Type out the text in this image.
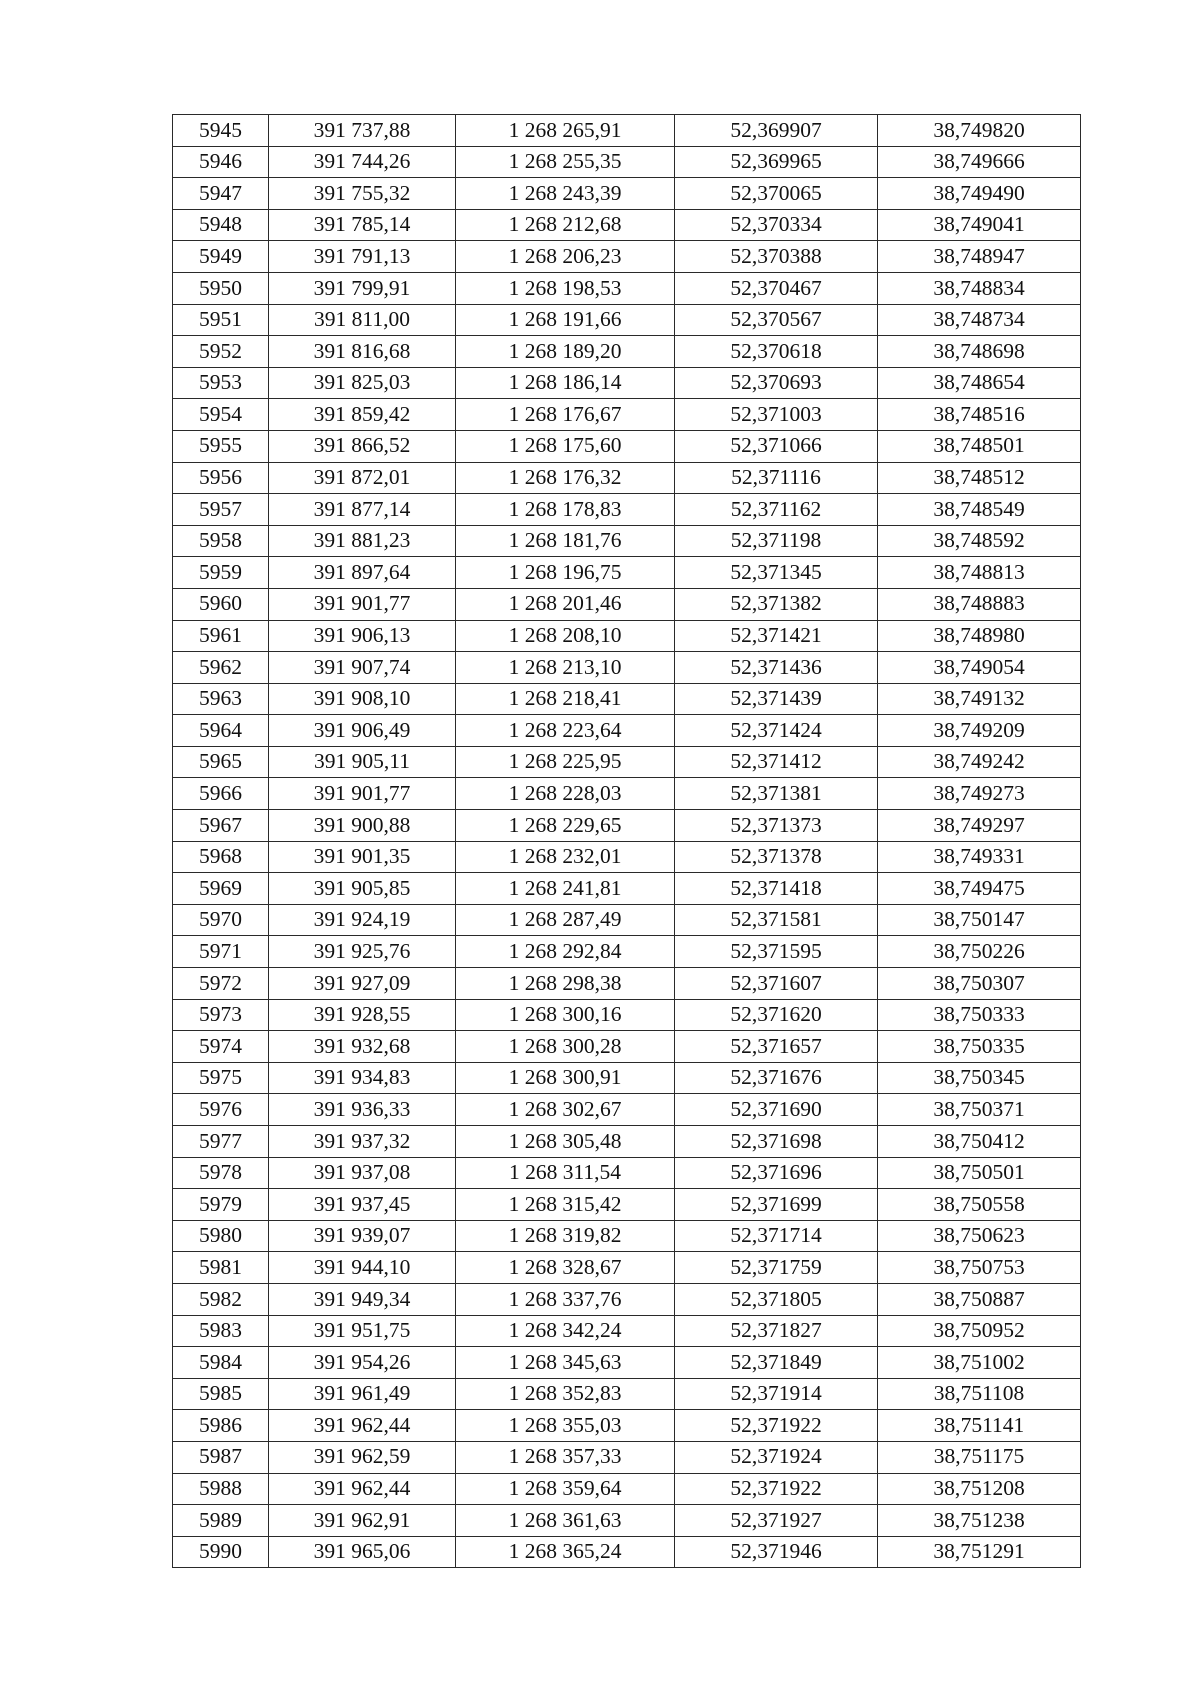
5945	391 737,88	1 268 265,91	52,369907	38,749820
5946	391 744,26	1 268 255,35	52,369965	38,749666
5947	391 755,32	1 268 243,39	52,370065	38,749490
5948	391 785,14	1 268 212,68	52,370334	38,749041
5949	391 791,13	1 268 206,23	52,370388	38,748947
5950	391 799,91	1 268 198,53	52,370467	38,748834
5951	391 811,00	1 268 191,66	52,370567	38,748734
5952	391 816,68	1 268 189,20	52,370618	38,748698
5953	391 825,03	1 268 186,14	52,370693	38,748654
5954	391 859,42	1 268 176,67	52,371003	38,748516
5955	391 866,52	1 268 175,60	52,371066	38,748501
5956	391 872,01	1 268 176,32	52,371116	38,748512
5957	391 877,14	1 268 178,83	52,371162	38,748549
5958	391 881,23	1 268 181,76	52,371198	38,748592
5959	391 897,64	1 268 196,75	52,371345	38,748813
5960	391 901,77	1 268 201,46	52,371382	38,748883
5961	391 906,13	1 268 208,10	52,371421	38,748980
5962	391 907,74	1 268 213,10	52,371436	38,749054
5963	391 908,10	1 268 218,41	52,371439	38,749132
5964	391 906,49	1 268 223,64	52,371424	38,749209
5965	391 905,11	1 268 225,95	52,371412	38,749242
5966	391 901,77	1 268 228,03	52,371381	38,749273
5967	391 900,88	1 268 229,65	52,371373	38,749297
5968	391 901,35	1 268 232,01	52,371378	38,749331
5969	391 905,85	1 268 241,81	52,371418	38,749475
5970	391 924,19	1 268 287,49	52,371581	38,750147
5971	391 925,76	1 268 292,84	52,371595	38,750226
5972	391 927,09	1 268 298,38	52,371607	38,750307
5973	391 928,55	1 268 300,16	52,371620	38,750333
5974	391 932,68	1 268 300,28	52,371657	38,750335
5975	391 934,83	1 268 300,91	52,371676	38,750345
5976	391 936,33	1 268 302,67	52,371690	38,750371
5977	391 937,32	1 268 305,48	52,371698	38,750412
5978	391 937,08	1 268 311,54	52,371696	38,750501
5979	391 937,45	1 268 315,42	52,371699	38,750558
5980	391 939,07	1 268 319,82	52,371714	38,750623
5981	391 944,10	1 268 328,67	52,371759	38,750753
5982	391 949,34	1 268 337,76	52,371805	38,750887
5983	391 951,75	1 268 342,24	52,371827	38,750952
5984	391 954,26	1 268 345,63	52,371849	38,751002
5985	391 961,49	1 268 352,83	52,371914	38,751108
5986	391 962,44	1 268 355,03	52,371922	38,751141
5987	391 962,59	1 268 357,33	52,371924	38,751175
5988	391 962,44	1 268 359,64	52,371922	38,751208
5989	391 962,91	1 268 361,63	52,371927	38,751238
5990	391 965,06	1 268 365,24	52,371946	38,751291
